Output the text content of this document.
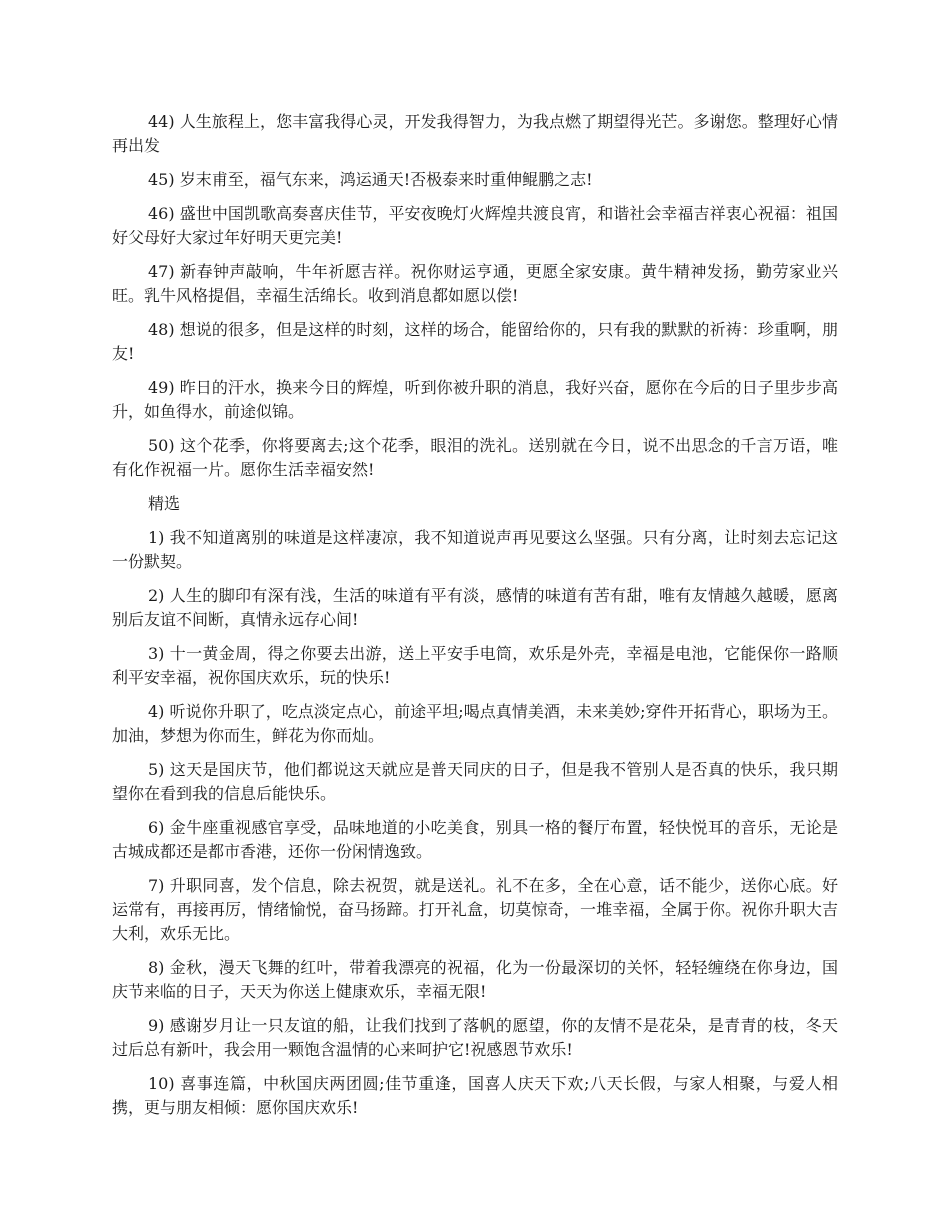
44) 人生旅程上，您丰富我得心灵，开发我得智力，为我点燃了期望得光芒。多谢您。整理好心情再出发

45) 岁末甫至，福气东来，鸿运通天!否极泰来时重伸鲲鹏之志!

46) 盛世中国凯歌高奏喜庆佳节，平安夜晚灯火辉煌共渡良宵，和谐社会幸福吉祥衷心祝福：祖国好父母好大家过年好明天更完美!

47) 新春钟声敲响，牛年祈愿吉祥。祝你财运亨通，更愿全家安康。黄牛精神发扬，勤劳家业兴旺。乳牛风格提倡，幸福生活绵长。收到消息都如愿以偿!

48) 想说的很多，但是这样的时刻，这样的场合，能留给你的，只有我的默默的祈祷：珍重啊，朋友!

49) 昨日的汗水，换来今日的辉煌，听到你被升职的消息，我好兴奋，愿你在今后的日子里步步高升，如鱼得水，前途似锦。

50) 这个花季，你将要离去;这个花季，眼泪的洗礼。送别就在今日，说不出思念的千言万语，唯有化作祝福一片。愿你生活幸福安然!

精选

1) 我不知道离别的味道是这样凄凉，我不知道说声再见要这么坚强。只有分离，让时刻去忘记这一份默契。

2) 人生的脚印有深有浅，生活的味道有平有淡，感情的味道有苦有甜，唯有友情越久越暖，愿离别后友谊不间断，真情永远存心间!

3) 十一黄金周，得之你要去出游，送上平安手电筒，欢乐是外壳，幸福是电池，它能保你一路顺利平安幸福，祝你国庆欢乐，玩的快乐!

4) 听说你升职了，吃点淡定点心，前途平坦;喝点真情美酒，未来美妙;穿件开拓背心，职场为王。加油，梦想为你而生，鲜花为你而灿。

5) 这天是国庆节，他们都说这天就应是普天同庆的日子，但是我不管别人是否真的快乐，我只期望你在看到我的信息后能快乐。

6) 金牛座重视感官享受，品味地道的小吃美食，别具一格的餐厅布置，轻快悦耳的音乐，无论是古城成都还是都市香港，还你一份闲情逸致。

7) 升职同喜，发个信息，除去祝贺，就是送礼。礼不在多，全在心意，话不能少，送你心底。好运常有，再接再厉，情绪愉悦，奋马扬蹄。打开礼盒，切莫惊奇，一堆幸福，全属于你。祝你升职大吉大利，欢乐无比。

8) 金秋，漫天飞舞的红叶，带着我漂亮的祝福，化为一份最深切的关怀，轻轻缠绕在你身边，国庆节来临的日子，天天为你送上健康欢乐，幸福无限!

9) 感谢岁月让一只友谊的船，让我们找到了落帆的愿望，你的友情不是花朵，是青青的枝，冬天过后总有新叶，我会用一颗饱含温情的心来呵护它!祝感恩节欢乐!

10) 喜事连篇，中秋国庆两团圆;佳节重逢，国喜人庆天下欢;八天长假，与家人相聚，与爱人相携，更与朋友相倾：愿你国庆欢乐!
